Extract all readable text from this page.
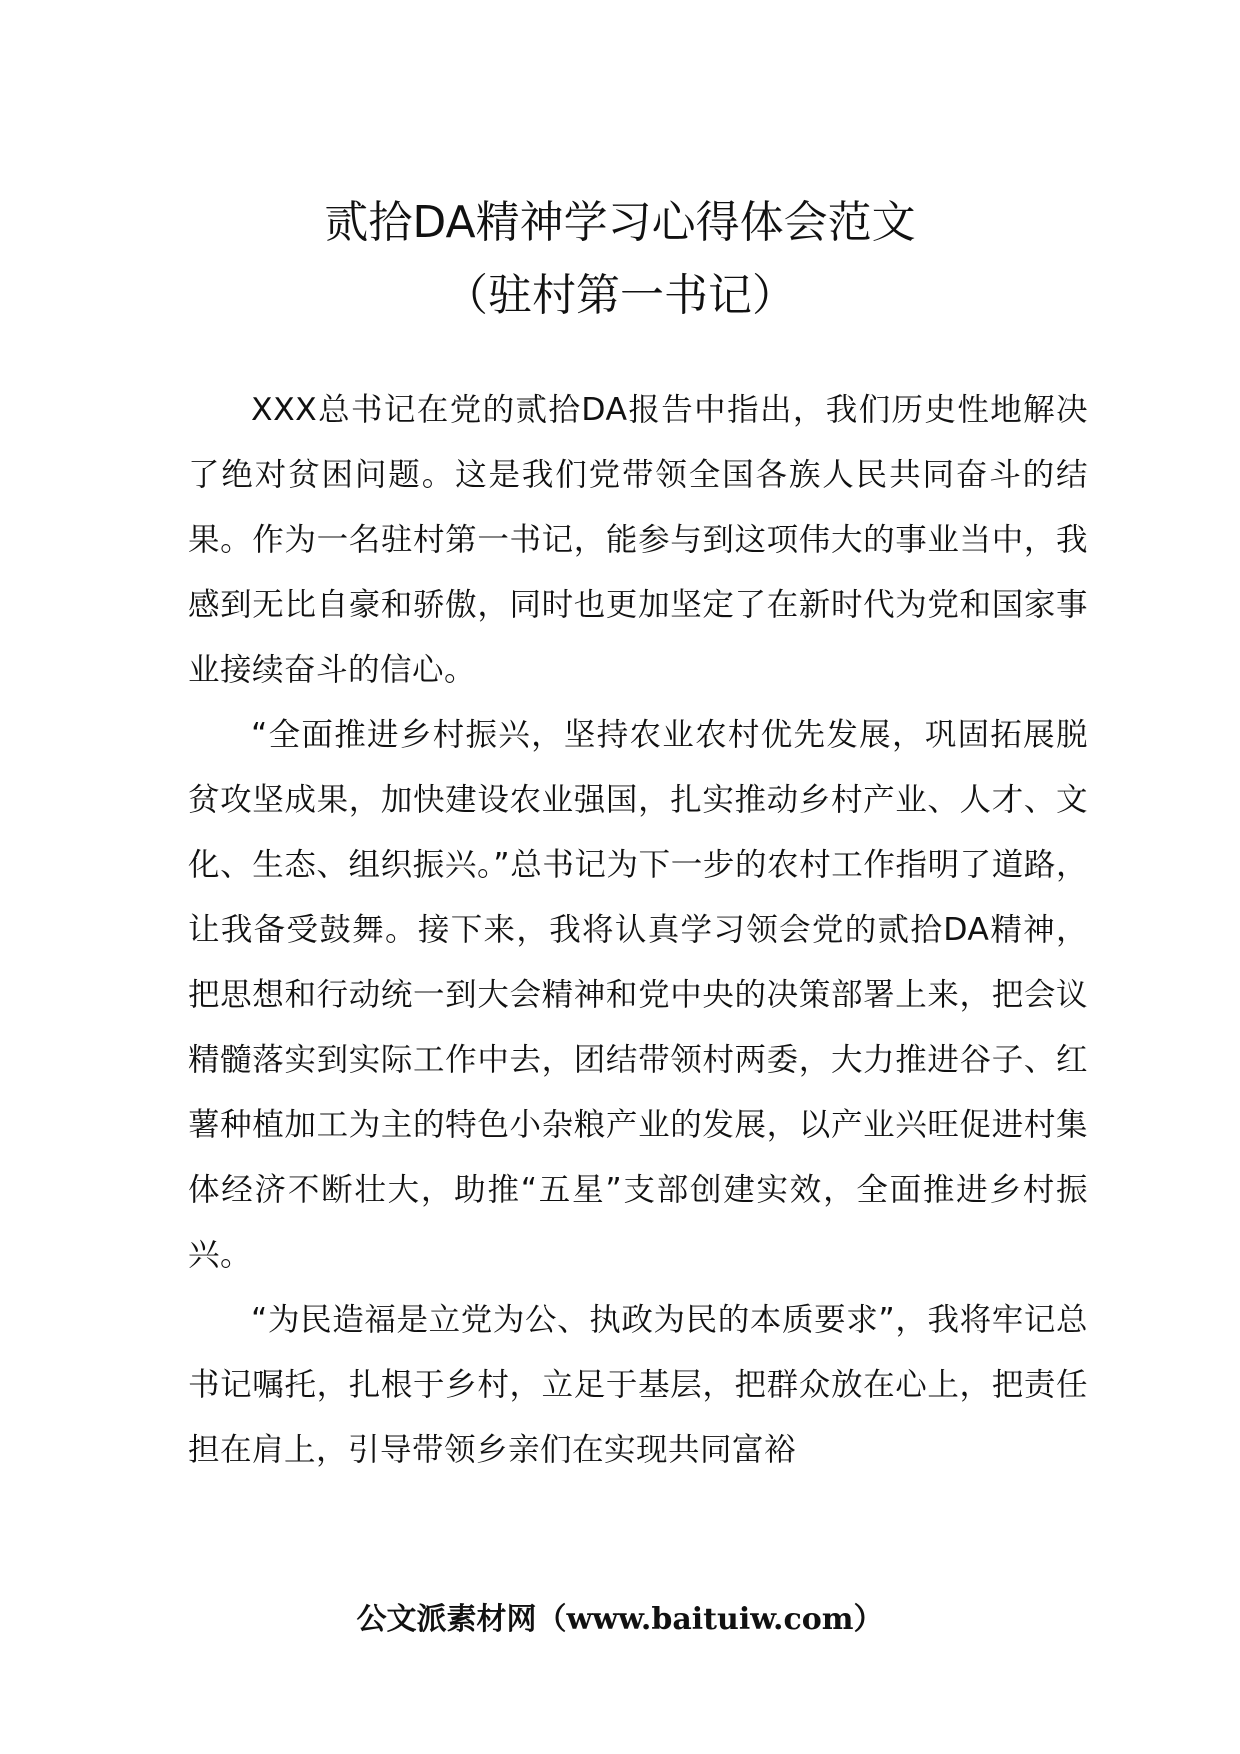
贰拾DA精神学习心得体会范文
（驻村第一书记）

XXX总书记在党的贰拾DA报告中指出，我们历史性地解决了绝对贫困问题。这是我们党带领全国各族人民共同奋斗的结果。作为一名驻村第一书记，能参与到这项伟大的事业当中，我感到无比自豪和骄傲，同时也更加坚定了在新时代为党和国家事业接续奋斗的信心。

“全面推进乡村振兴，坚持农业农村优先发展，巩固拓展脱贫攻坚成果，加快建设农业强国，扎实推动乡村产业、人才、文化、生态、组织振兴。”总书记为下一步的农村工作指明了道路，让我备受鼓舞。接下来，我将认真学习领会党的贰拾DA精神，把思想和行动统一到大会精神和党中央的决策部署上来，把会议精髓落实到实际工作中去，团结带领村两委，大力推进谷子、红薯种植加工为主的特色小杂粮产业的发展，以产业兴旺促进村集体经济不断壮大，助推“五星”支部创建实效，全面推进乡村振兴。

“为民造福是立党为公、执政为民的本质要求”，我将牢记总书记嘱托，扎根于乡村，立足于基层，把群众放在心上，把责任担在肩上，引导带领乡亲们在实现共同富裕

公文派素材网（www.baituiw.com）
